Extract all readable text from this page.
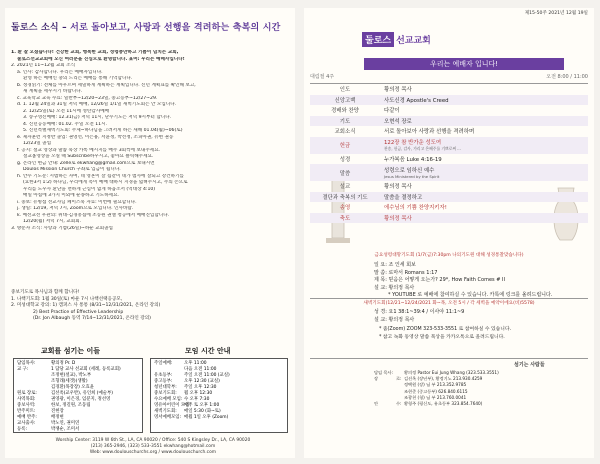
둘로스 소식 – 서로 돌아보고, 사랑과 선행을 격려하는 축복의 시간
1. 환 잘 오셨습니다! 건강한 교회, 행복한 교회, 성령충만하고 기쁨이 넘치는 교회,
둘로스선교교회에 오신 여러분을 진심으로 환영합니다. 표어: 우리는 예배자입니다!
2. 2021년 11~12월 교회 소식
a. 인사: 감사합니다. 우리는 예배자입니다.
환영 하는 예배인 충의 드리는 예배를 통해 기억합니다.
b. 성경읽기: 전체를 아우르며 세밀하게 계획하는 계획입니다. 신년 계획표를 확인해 보고,
새 계획을 세우시기 바랍니다.
c. 교육학교 교육 수료: 일반부~12/20~23일, 중고등부~12/27~29.
d. 1. 12월 24일과 31일 저녁 예배, 12/26일 1/1일 새벽기도회는 안 모입니다.
2. 12/25일(토) 오전 11시에 성탄감사예배
3. 송구영신예배: 12.31(금) 저녁 11시, 단수기도는 저녁 9시부터 합니다.
4. 신년공동예배: 01.02. 주일 오전 11시.
5. 신년특별새벽기도회: 주제~하나님을 그려서게 하는 새해 01.04(월)~06(토)
e. 제자훈련 지정반 졸업: 권영선, 이은용, 서윤정, 박선정, 소피아권, 유현 권동
12/23일 졸업
f. 공지: 설교 영상과 말씀 묵상 카톡 메시지를 매주 3회씩에 보내주세요.
설교홈영상을 오실 때 Subscribe하우시고, 좋아요 클릭해주세요.
g. 온라인 현금 안내: Zelle로 ekwhang@gmail.com으로 보내시면
Doulos Mission Church 구좌로 입금이 됩니다.
h. 안수 기도문: 시범하는 자여, 네 영혼이 잘 됨같이 네가 범사에 잘되고 강건하기를
(요한3서 1:2) 하나님, 우리에게 복이 예배 대하시 지경을 넓혀주시고, 주의 손으로
우리를 도우사 환난을 면하게 근심이 없게 하옵소서 (역대상 4:10)
매일 아침에 3가지 이외에 순종하고 기도하세요.
i. 중보: 유병섭 선교사님 페이스북 자료: 이번에 필요합니다.
j. 생일: 12/19, 저녁 7시, Zoom으로 모입니다. 인사바랍.
k. 예선교선 우관의: 위대-김경흥집에 조동원 권앨 청공에서 예배진입합니다.
12/20(월) 저녁 7시, 교회회.
3. 방문자 소식: 사랑과 기쁨(26일)~하순 교회졸업
중보기도로 목사님과 함께 합니다!
1. 나핵기도회: 1월 30일(토) 마운 7시 나핵선택응공모,
2. 미성대학교 강의: 1) 캠퍼스 사 통통 (8/31~12/31/2021, 온라인 강의)
2) Best Practice of Effective Leadership
(Dr. Jon Albaugh 동역 7/14~12/31/2021, 온라인 강의)
교회를 섬기는 이들
담임목사:	황의정 Pr. D
교 구:	1 담당 교사 선교회 (세례, 등록교회)
조정현(설교), 박노부
조형래(세겟)(생활)
김경환(목장장) 오효윤
원로 장로:	김선옥(교우반), 유인희 (예술부)
사역목회:	권영광, 이은경, 임분지, 정선영
중보사역:	한보, 정길원, 조동림
반주미트:	진현장
예배 반주:	배정현
교사출사:	박노연, 권미연
등록:	박쟁순, 조미서
모임 시간 안내
주일예배:	오후 11:00
다음 오전 11:00
유초등부:	주일 오전 11:00 (교실)
중고등부:	오후 12:30 (교실)
청년대학부:	주일 오후 12:30
중보기도회:	월 오후 12:30
수요예배 모임: 수 오후 7:30
영유아어린이 모임:
매주 토 오후 1:00
새벽기도회:	매일 5:30 (화~토)
영서예배모임: 매월 1일 오후 (Zoom)
Worship Center: 3119 W 6th St., LA, CA 90020 / Office: 540 S Kingsley Dr., LA, CA 90020
(213) 365-2946, (323) 533-3551 ekwhang@hotmail.com
Web: www.doulouschurchs.org / www.doulouschurch.com
제15-50주 2021년 12월 19일
둘로스 선교교회
우리는 예배자 입니다!
대림절 4주	오전 8:00 / 11:00
인도	황의정 목사
신앙고백	사도신경 Apostle's Creed
경배와 찬양	다같이
기도	오현석 장로
교회소식	서로 돌아보아 사랑과 선행을 격려하며
헌금	122장 참 반가운 성도여
찬송, 헌금, 감사, 가리고 은혜주를 기쁘로써 ...
성경	누가복음 Luke 4:16-19
말씀	성령으로 임하신 예수
Jesus Ministered by the Spirit
설교	황의정 목사
결단과 축복의 기도	말씀을 결정하고
송영	에수님의 기쁨 찬양지키자!
축도	황의정 목사
금요성령대망기도회 (1/7(금)7:30pm 나의기도원 대해 성경통찰맞습니다)
일 요: 조 인세 회보
말 씀: 로마서 Romans 1:17
제 목: 믿음은 어떻게 오는가? 29*, How Faith Comes # II
설 교: 황의정 목사
* YOUTUBE 로 예배에 참여하실 수 있습니다. 카톡에 링크를 올려드립니다.
새벽기도회(12/21~12/24/2021 화~목, 오전 5시 / 각 세벽을 예약이에요(비)5578)
성 경: 요1 38:1~39:4 / 이사야 11:1~9
설 교: 황의정 목사
* 줌(Zoom) ZOOM 323-533-3551 로 참여하실 수 있습니다.
* 참고 녹화 동영상 말씀 묵상을 카카오톡으로 올려드립니다.
섬기는 사람들
담임 목사:	황의정 Pastor Eui Jung Whang (323.533.3551)
장	로: 김선옥 (장년부), 황정기노 213.930.4259
정택원 (장) 님 부 213.352.9785
조현준 (중고등부) 626.840.6115
조광천 (청) 님 부 213.760.0041
안	수: 황형주 (평신도, 유초등부 323.854.7640)
